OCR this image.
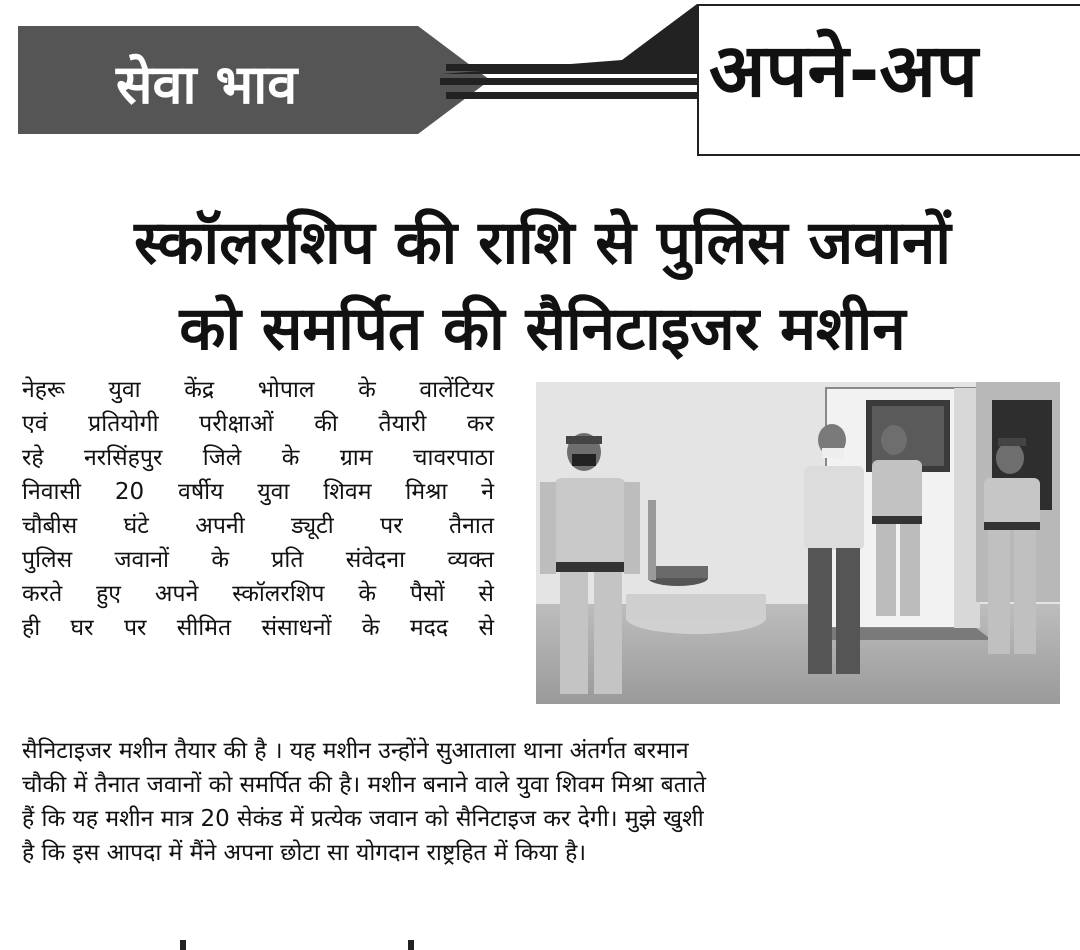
सेवा भाव	अपने-अप
स्कॉलरशिप की राशि से पुलिस जवानों
को समर्पित की सैनिटाइजर मशीन

नेहरू युवा केंद्र भोपाल के वालेंटियर

एवं प्रतियोगी परीक्षाओं की तैयारी कर

रहे नरसिंहपुर जिले के ग्राम चावरपाठा

निवासी 20 वर्षीय युवा शिवम मिश्रा ने

चौबीस घंटे अपनी ड्यूटी पर तैनात

पुलिस जवानों के प्रति संवेदना व्यक्त

करते हुए अपने स्कॉलरशिप के पैसों से

ही घर पर सीमित संसाधनों के मदद से

सैनिटाइजर मशीन तैयार की है । यह मशीन उन्होंने सुआताला थाना अंतर्गत बरमान

चौकी में तैनात जवानों को समर्पित की है। मशीन बनाने वाले युवा शिवम मिश्रा बताते

हैं कि यह मशीन मात्र 20 सेकंड में प्रत्येक जवान को सैनिटाइज कर देगी। मुझे खुशी

है कि इस आपदा में मैंने अपना छोटा सा योगदान राष्ट्रहित में किया है।
